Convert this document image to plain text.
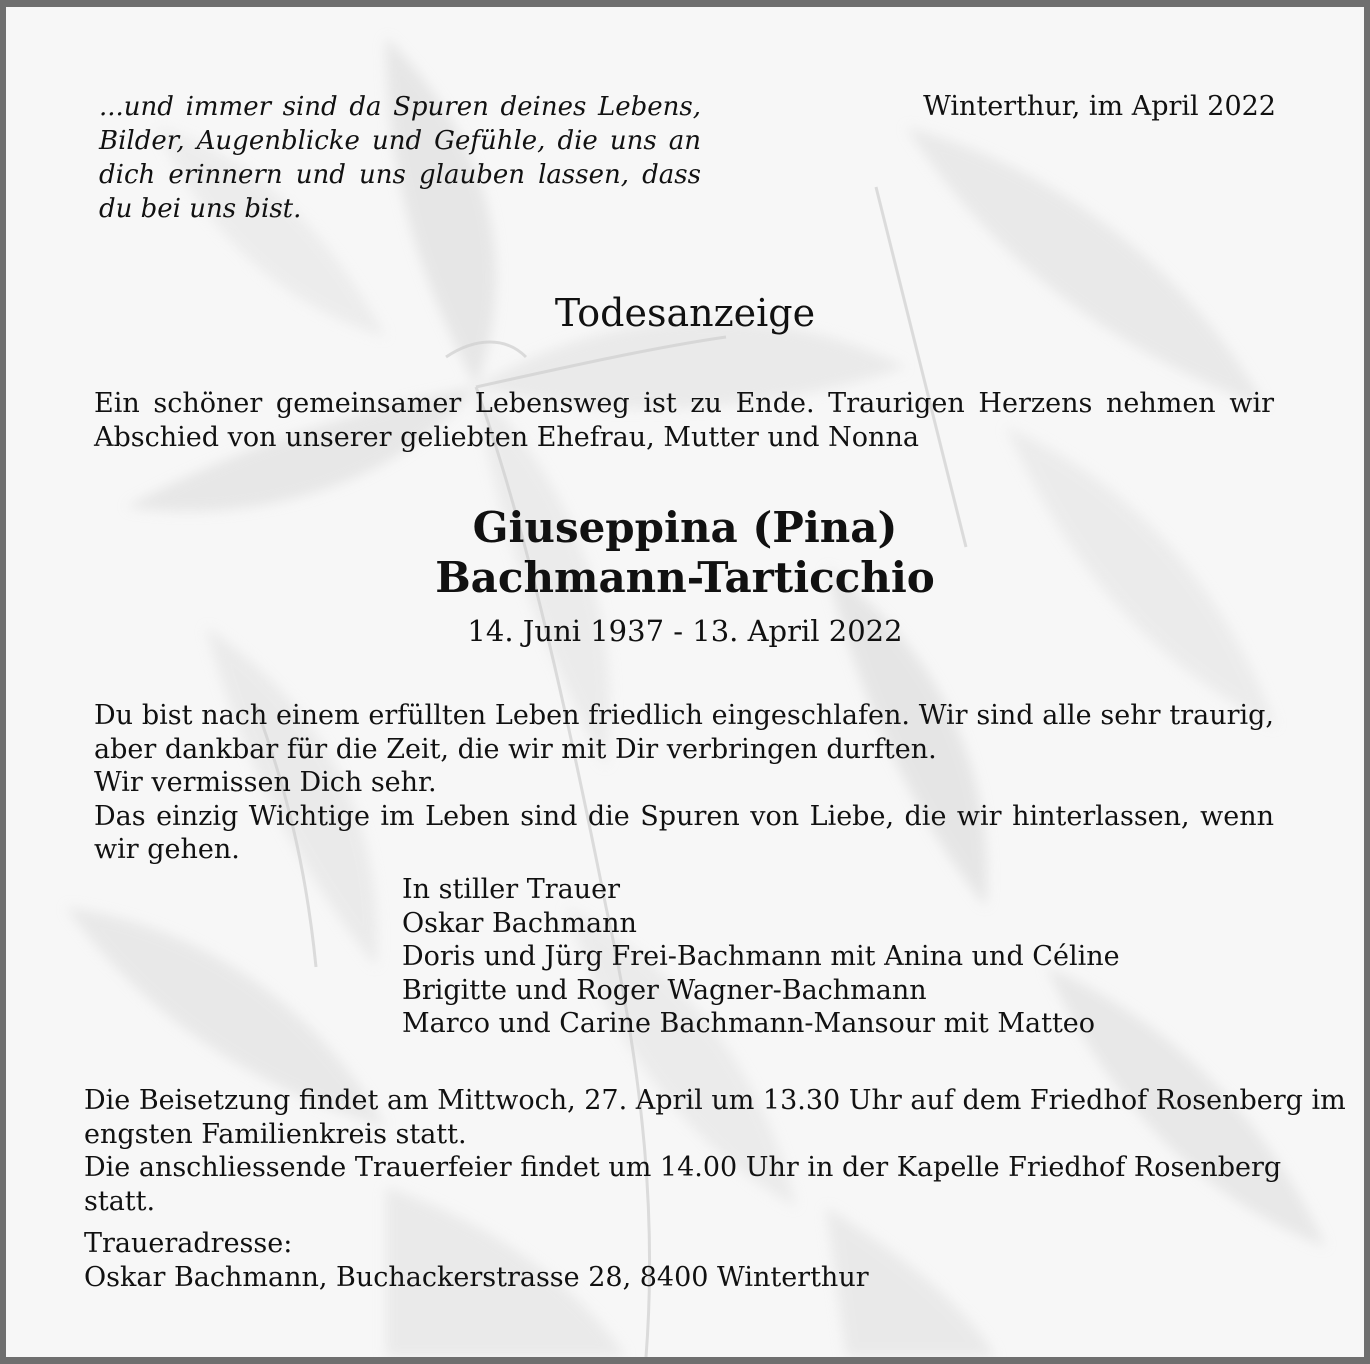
...und immer sind da Spuren deines Lebens, Bilder, Augenblicke und Gefühle, die uns an dich erinnern und uns glauben lassen, dass du bei uns bist.

Winterthur, im April 2022

Todesanzeige

Ein schöner gemeinsamer Lebensweg ist zu Ende. Traurigen Herzens nehmen wir Abschied von unserer geliebten Ehefrau, Mutter und Nonna

Giuseppina (Pina)
Bachmann-Tarticchio

14. Juni 1937 - 13. April 2022

Du bist nach einem erfüllten Leben friedlich eingeschlafen. Wir sind alle sehr traurig, aber dankbar für die Zeit, die wir mit Dir verbringen durften.

Wir vermissen Dich sehr.

Das einzig Wichtige im Leben sind die Spuren von Liebe, die wir hinterlassen, wenn wir gehen.

In stiller Trauer
Oskar Bachmann
Doris und Jürg Frei-Bachmann mit Anina und Céline
Brigitte und Roger Wagner-Bachmann
Marco und Carine Bachmann-Mansour mit Matteo

Die Beisetzung findet am Mittwoch, 27. April um 13.30 Uhr auf dem Friedhof Rosenberg im engsten Familienkreis statt.

Die anschliessende Trauerfeier findet um 14.00 Uhr in der Kapelle Friedhof Rosenberg statt.

Traueradresse:
Oskar Bachmann, Buchackerstrasse 28, 8400 Winterthur
